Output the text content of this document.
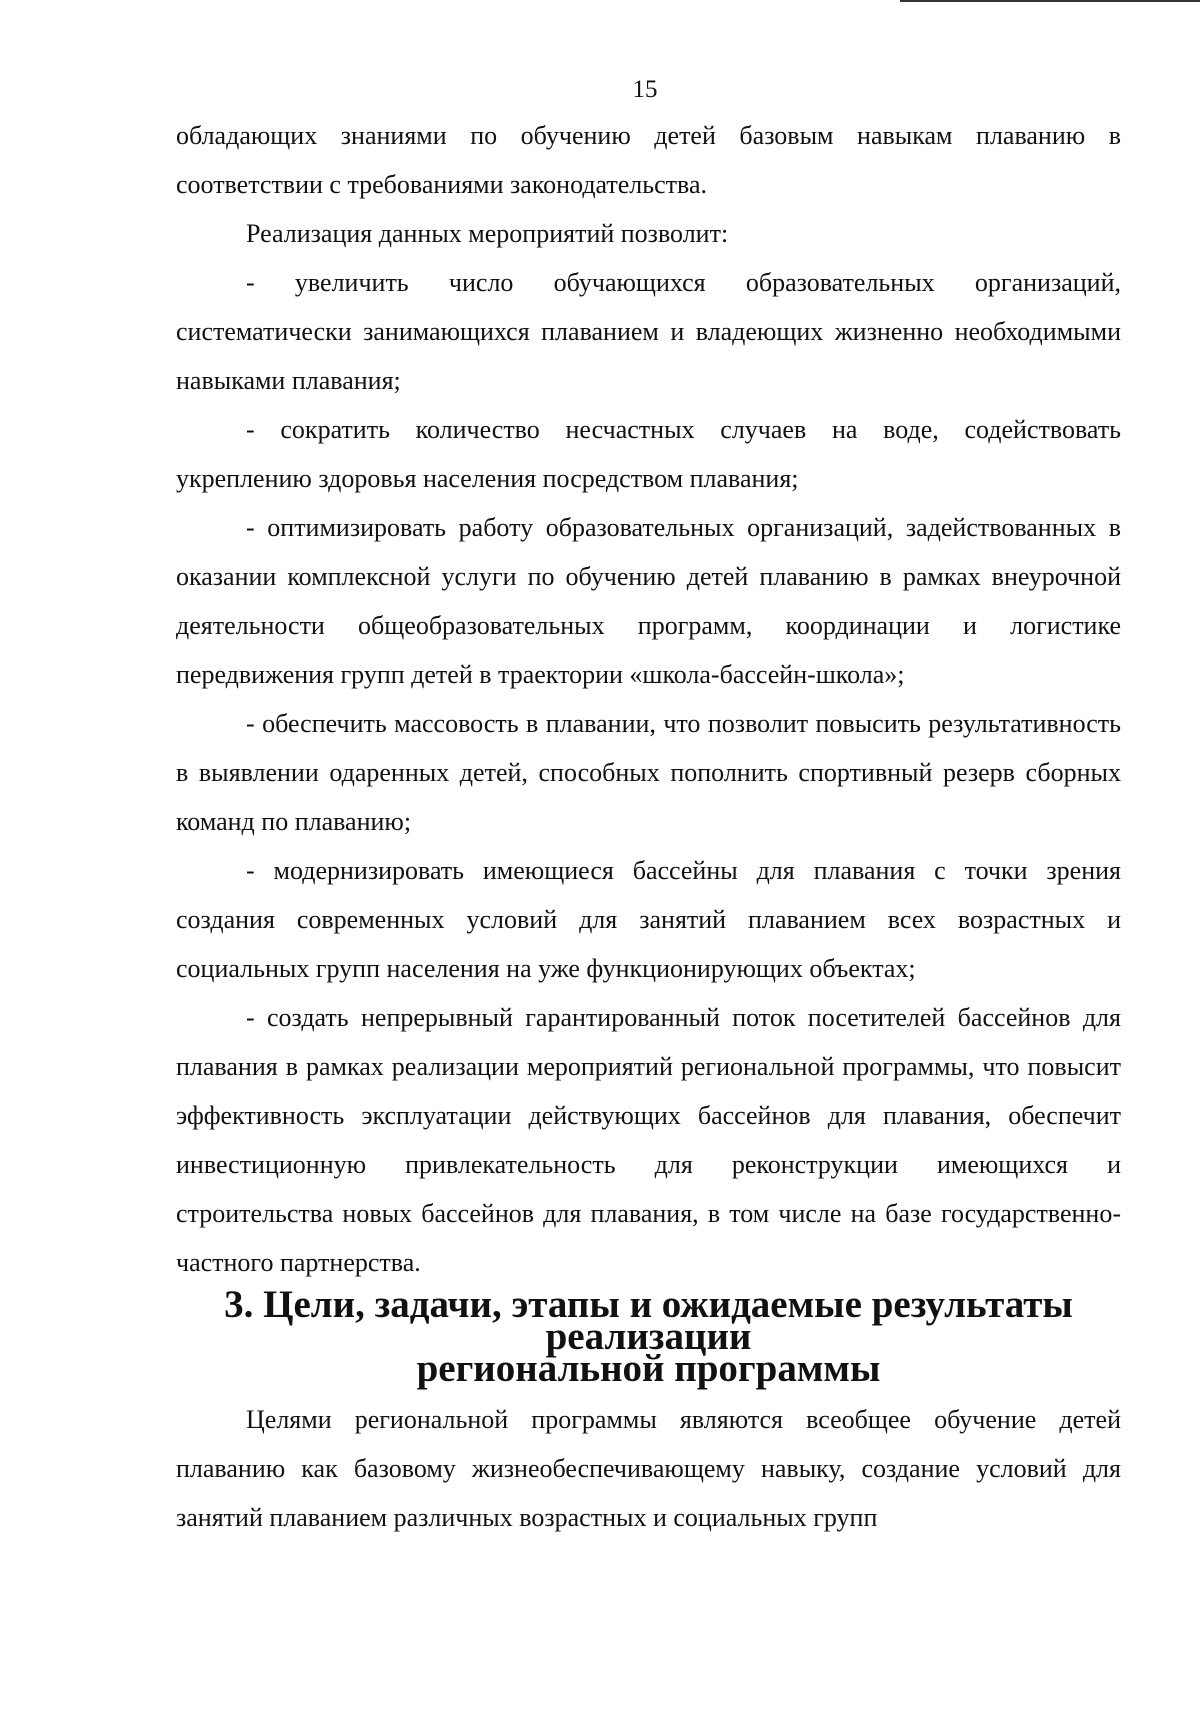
15

обладающих знаниями по обучению детей базовым навыкам плаванию в соответствии с требованиями законодательства.

Реализация данных мероприятий позволит:

- увеличить число обучающихся образовательных организаций, систематически занимающихся плаванием и владеющих жизненно необходимыми навыками плавания;

- сократить количество несчастных случаев на воде, содействовать укреплению здоровья населения посредством плавания;

- оптимизировать работу образовательных организаций, задействованных в оказании комплексной услуги по обучению детей плаванию в рамках внеурочной деятельности общеобразовательных программ, координации и логистике передвижения групп детей в траектории «школа-бассейн-школа»;

- обеспечить массовость в плавании, что позволит повысить результативность в выявлении одаренных детей, способных пополнить спортивный резерв сборных команд по плаванию;

- модернизировать имеющиеся бассейны для плавания с точки зрения создания современных условий для занятий плаванием всех возрастных и социальных групп населения на уже функционирующих объектах;

- создать непрерывный гарантированный поток посетителей бассейнов для плавания в рамках реализации мероприятий региональной программы, что повысит эффективность эксплуатации действующих бассейнов для плавания, обеспечит инвестиционную привлекательность для реконструкции имеющихся и строительства новых бассейнов для плавания, в том числе на базе государственно-частного партнерства.

3. Цели, задачи, этапы и ожидаемые результаты реализации
региональной программы

Целями региональной программы являются всеобщее обучение детей плаванию как базовому жизнеобеспечивающему навыку, создание условий для занятий плаванием различных возрастных и социальных групп
